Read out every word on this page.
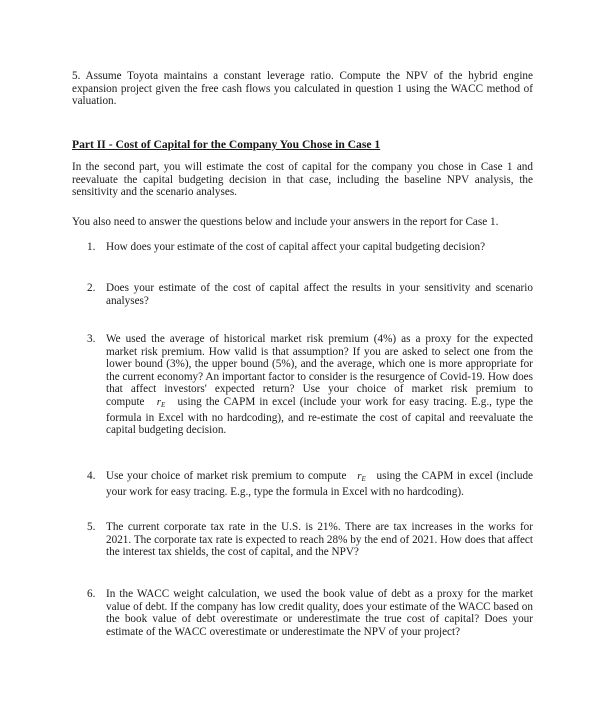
5. Assume Toyota maintains a constant leverage ratio. Compute the NPV of the hybrid engine expansion project given the free cash flows you calculated in question 1 using the WACC method of valuation.

Part II - Cost of Capital for the Company You Chose in Case 1

In the second part, you will estimate the cost of capital for the company you chose in Case 1 and reevaluate the capital budgeting decision in that case, including the baseline NPV analysis, the sensitivity and the scenario analyses.

You also need to answer the questions below and include your answers in the report for Case 1.

1. How does your estimate of the cost of capital affect your capital budgeting decision?
2. Does your estimate of the cost of capital affect the results in your sensitivity and scenario analyses?
3. We used the average of historical market risk premium (4%) as a proxy for the expected market risk premium. How valid is that assumption? If you are asked to select one from the lower bound (3%), the upper bound (5%), and the average, which one is more appropriate for the current economy? An important factor to consider is the resurgence of Covid-19. How does that affect investors' expected return? Use your choice of market risk premium to compute $r_E$ using the CAPM in excel (include your work for easy tracing. E.g., type the formula in Excel with no hardcoding), and re-estimate the cost of capital and reevaluate the capital budgeting decision.
4. Use your choice of market risk premium to compute $r_E$ using the CAPM in excel (include your work for easy tracing. E.g., type the formula in Excel with no hardcoding).
5. The current corporate tax rate in the U.S. is 21%. There are tax increases in the works for 2021. The corporate tax rate is expected to reach 28% by the end of 2021. How does that affect the interest tax shields, the cost of capital, and the NPV?
6. In the WACC weight calculation, we used the book value of debt as a proxy for the market value of debt. If the company has low credit quality, does your estimate of the WACC based on the book value of debt overestimate or underestimate the true cost of capital? Does your estimate of the WACC overestimate or underestimate the NPV of your project?
